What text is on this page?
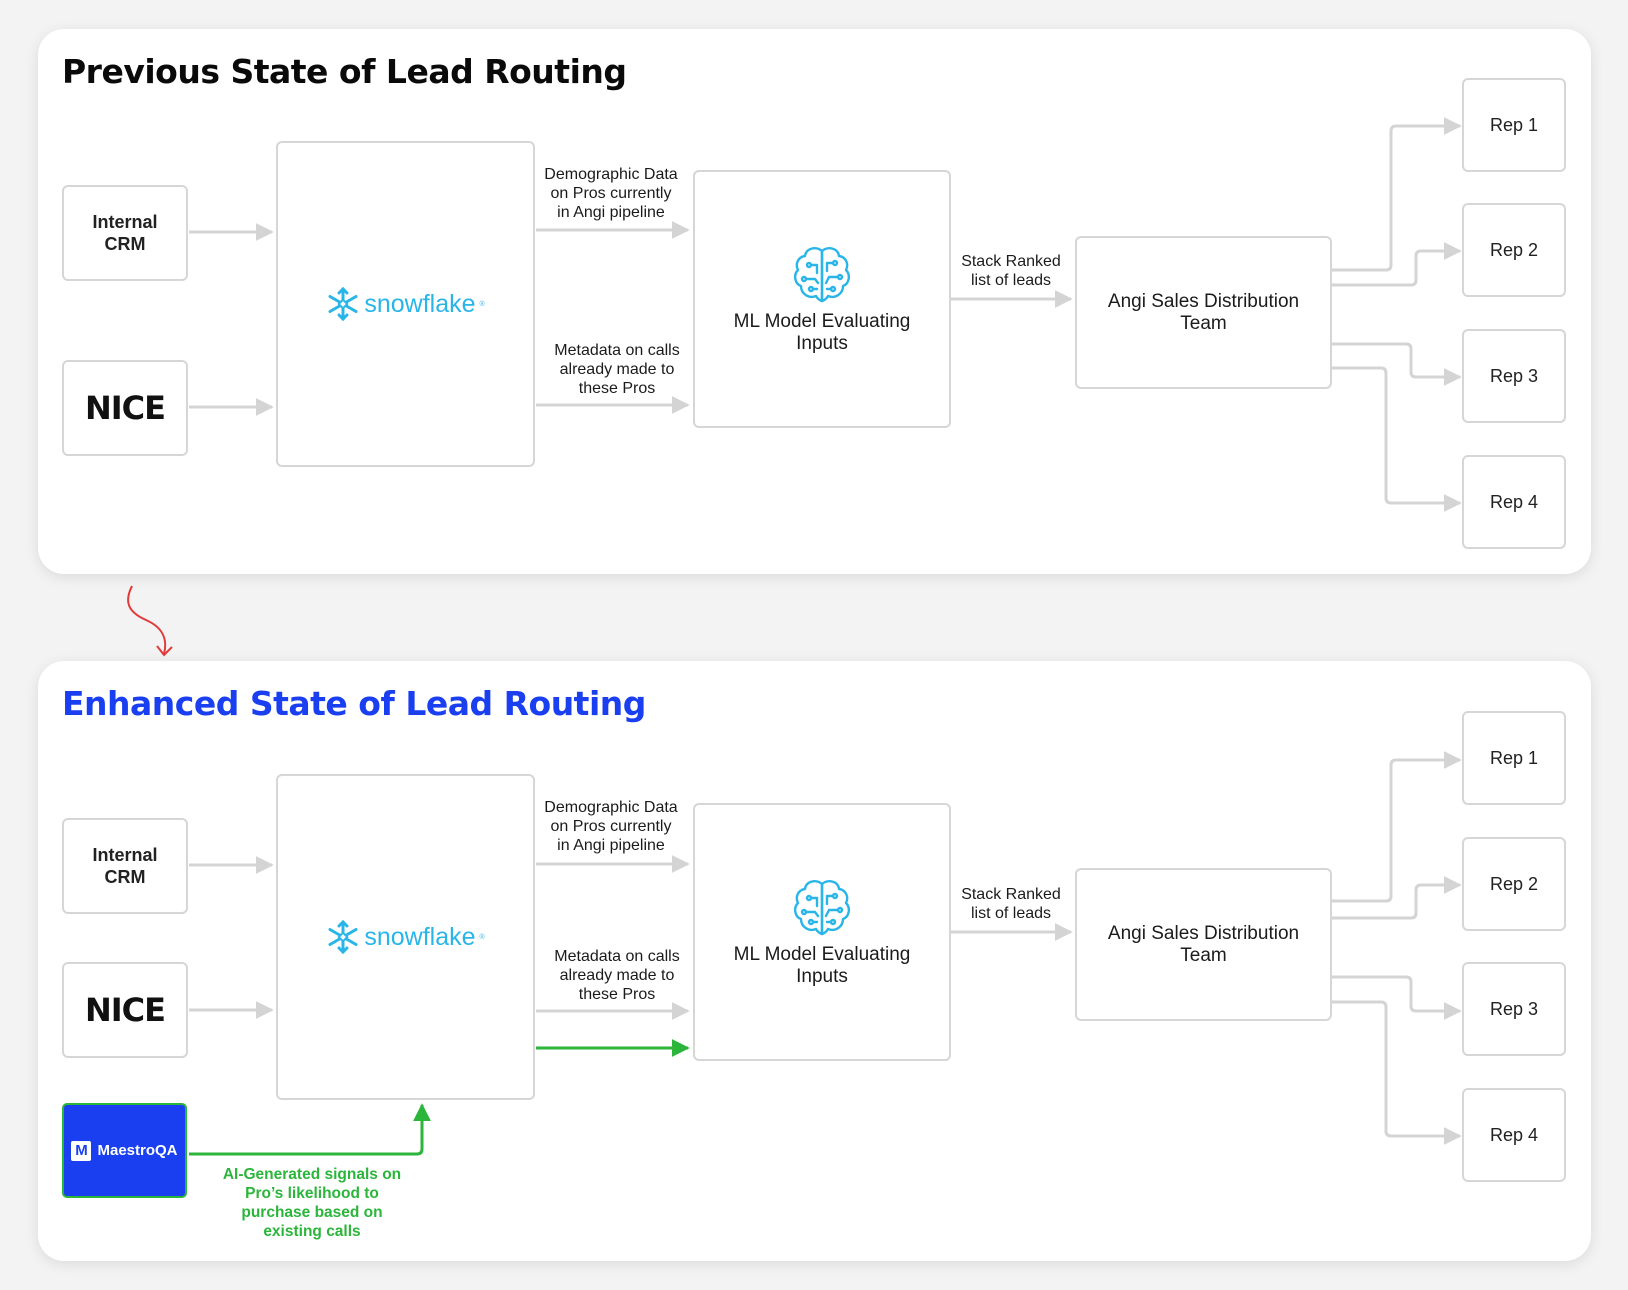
Previous State of Lead Routing
Internal
CRM
NICE
snowflake ®
Demographic Data
on Pros currently
in Angi pipeline
Metadata on calls
already made to
these Pros
ML Model Evaluating
Inputs
Stack Ranked
list of leads
Angi Sales Distribution
Team
Rep 1
Rep 2
Rep 3
Rep 4
Enhanced State of Lead Routing
Internal
CRM
NICE
snowflake ®
Demographic Data
on Pros currently
in Angi pipeline
Metadata on calls
already made to
these Pros
ML Model Evaluating
Inputs
Stack Ranked
list of leads
Angi Sales Distribution
Team
Rep 1
Rep 2
Rep 3
Rep 4
M MaestroQA
AI-Generated signals on
Pro’s likelihood to
purchase based on
existing calls
